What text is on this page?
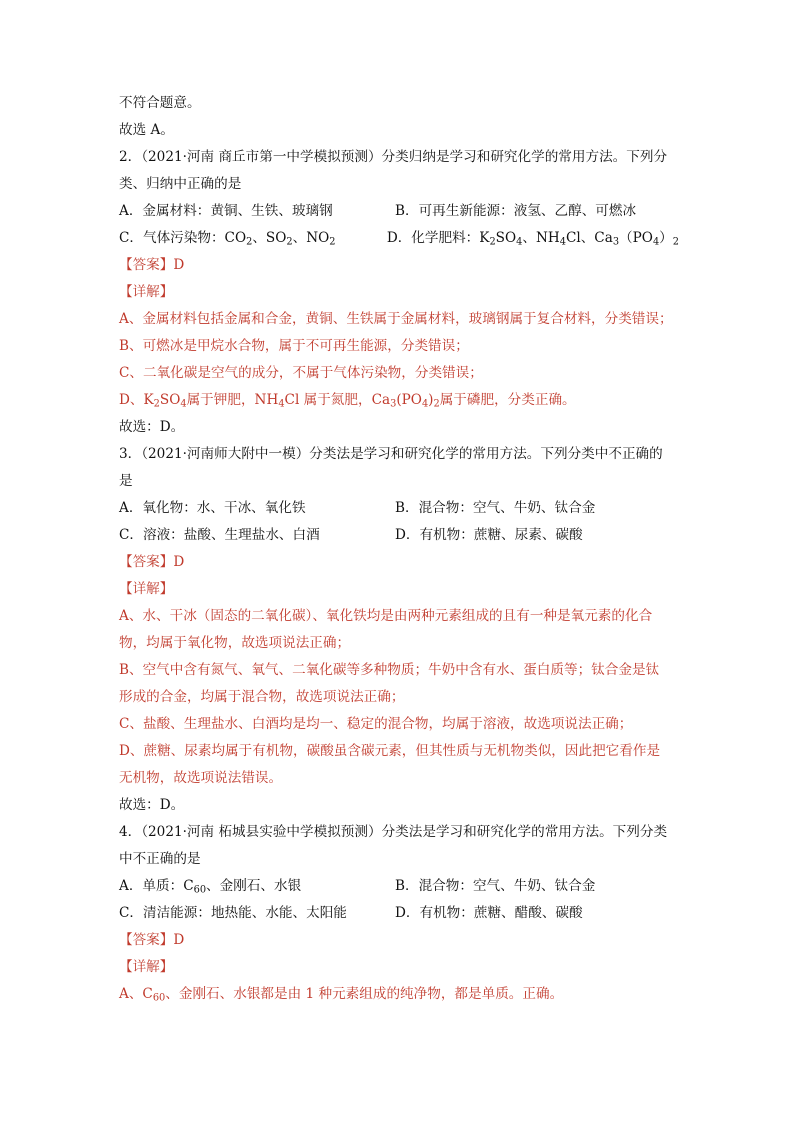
不符合题意。
故选 A。
2．（2021·河南 商丘市第一中学模拟预测）分类归纳是学习和研究化学的常用方法。下列分
类、归纳中正确的是
A．金属材料：黄铜、生铁、玻璃钢	B．可再生新能源：液氢、乙醇、可燃冰
C．气体污染物：$CO_2$、$SO_2$、$NO_2$	D．化学肥料：$K_2SO_4$、$NH_4Cl$、$Ca_3(PO_4)_2$
【答案】D
【详解】
A、金属材料包括金属和合金，黄铜、生铁属于金属材料，玻璃钢属于复合材料，分类错误；
B、可燃冰是甲烷水合物，属于不可再生能源，分类错误；
C、二氧化碳是空气的成分，不属于气体污染物，分类错误；
D、$K_2SO_4$属于钾肥，$NH_4Cl$ 属于氮肥，$Ca_3(PO_4)_2$属于磷肥，分类正确。
故选：D。
3．（2021·河南师大附中一模）分类法是学习和研究化学的常用方法。下列分类中不正确的
是
A．氧化物：水、干冰、氧化铁	B．混合物：空气、牛奶、钛合金
C．溶液：盐酸、生理盐水、白酒	D．有机物：蔗糖、尿素、碳酸
【答案】D
【详解】
A、水、干冰（固态的二氧化碳）、氧化铁均是由两种元素组成的且有一种是氧元素的化合
物，均属于氧化物，故选项说法正确；
B、空气中含有氮气、氧气、二氧化碳等多种物质；牛奶中含有水、蛋白质等；钛合金是钛
形成的合金，均属于混合物，故选项说法正确；
C、盐酸、生理盐水、白酒均是均一、稳定的混合物，均属于溶液，故选项说法正确；
D、蔗糖、尿素均属于有机物，碳酸虽含碳元素，但其性质与无机物类似，因此把它看作是
无机物，故选项说法错误。
故选：D。
4．（2021·河南 柘城县实验中学模拟预测）分类法是学习和研究化学的常用方法。下列分类
中不正确的是
A．单质：$C_{60}$、金刚石、水银	B．混合物：空气、牛奶、钛合金
C．清洁能源：地热能、水能、太阳能	D．有机物：蔗糖、醋酸、碳酸
【答案】D
【详解】
A、$C_{60}$、金刚石、水银都是由 1 种元素组成的纯净物，都是单质。正确。
